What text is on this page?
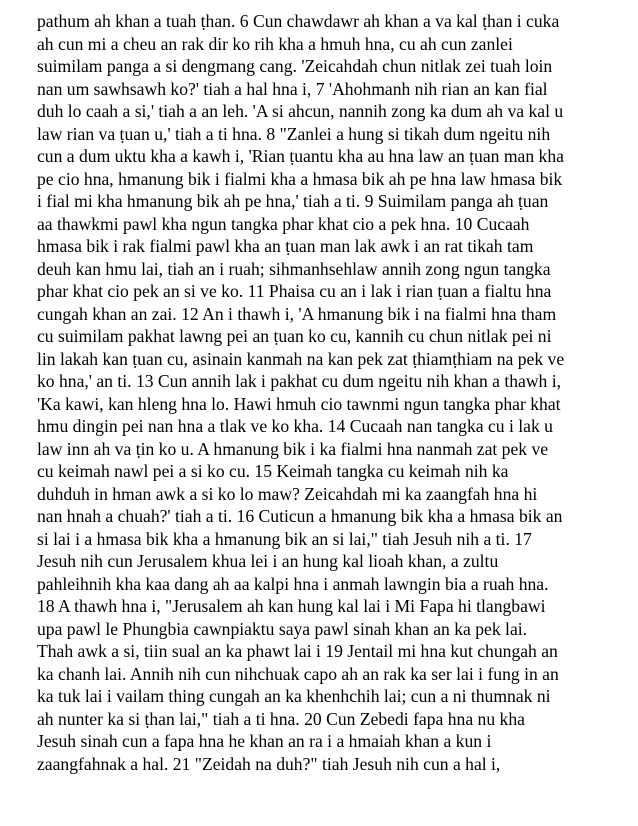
pathum ah khan a tuah ṭhan. 6 Cun chawdawr ah khan a va kal ṭhan i cuka
ah cun mi a cheu an rak dir ko rih kha a hmuh hna, cu ah cun zanlei
suimilam panga a si dengmang cang. 'Zeicahdah chun nitlak zei tuah loin
nan um sawhsawh ko?' tiah a hal hna i, 7 'Ahohmanh nih rian an kan fial
duh lo caah a si,' tiah a an leh. 'A si ahcun, nannih zong ka dum ah va kal u
law rian va ṭuan u,' tiah a ti hna. 8 "Zanlei a hung si tikah dum ngeitu nih
cun a dum uktu kha a kawh i, 'Rian ṭuantu kha au hna law an ṭuan man kha
pe cio hna, hmanung bik i fialmi kha a hmasa bik ah pe hna law hmasa bik
i fial mi kha hmanung bik ah pe hna,' tiah a ti. 9 Suimilam panga ah ṭuan
aa thawkmi pawl kha ngun tangka phar khat cio a pek hna. 10 Cucaah
hmasa bik i rak fialmi pawl kha an ṭuan man lak awk i an rat tikah tam
deuh kan hmu lai, tiah an i ruah; sihmanhsehlaw annih zong ngun tangka
phar khat cio pek an si ve ko. 11 Phaisa cu an i lak i rian ṭuan a fialtu hna
cungah khan an zai. 12 An i thawh i, 'A hmanung bik i na fialmi hna tham
cu suimilam pakhat lawng pei an ṭuan ko cu, kannih cu chun nitlak pei ni
lin lakah kan ṭuan cu, asinain kanmah na kan pek zat ṭhiamṭhiam na pek ve
ko hna,' an ti. 13 Cun annih lak i pakhat cu dum ngeitu nih khan a thawh i,
'Ka kawi, kan hleng hna lo. Hawi hmuh cio tawnmi ngun tangka phar khat
hmu dingin pei nan hna a tlak ve ko kha. 14 Cucaah nan tangka cu i lak u
law inn ah va ṭin ko u. A hmanung bik i ka fialmi hna nanmah zat pek ve
cu keimah nawl pei a si ko cu. 15 Keimah tangka cu keimah nih ka
duhduh in hman awk a si ko lo maw? Zeicahdah mi ka zaangfah hna hi
nan hnah a chuah?' tiah a ti. 16 Cuticun a hmanung bik kha a hmasa bik an
si lai i a hmasa bik kha a hmanung bik an si lai," tiah Jesuh nih a ti. 17
Jesuh nih cun Jerusalem khua lei i an hung kal lioah khan, a zultu
pahleihnih kha kaa dang ah aa kalpi hna i anmah lawngin bia a ruah hna.
18 A thawh hna i, "Jerusalem ah kan hung kal lai i Mi Fapa hi tlangbawi
upa pawl le Phungbia cawnpiaktu saya pawl sinah khan an ka pek lai.
Thah awk a si, tiin sual an ka phawt lai i 19 Jentail mi hna kut chungah an
ka chanh lai. Annih nih cun nihchuak capo ah an rak ka ser lai i fung in an
ka tuk lai i vailam thing cungah an ka khenhchih lai; cun a ni thumnak ni
ah nunter ka si ṭhan lai," tiah a ti hna. 20 Cun Zebedi fapa hna nu kha
Jesuh sinah cun a fapa hna he khan an ra i a hmaiah khan a kun i
zaangfahnak a hal. 21 "Zeidah na duh?" tiah Jesuh nih cun a hal i,
